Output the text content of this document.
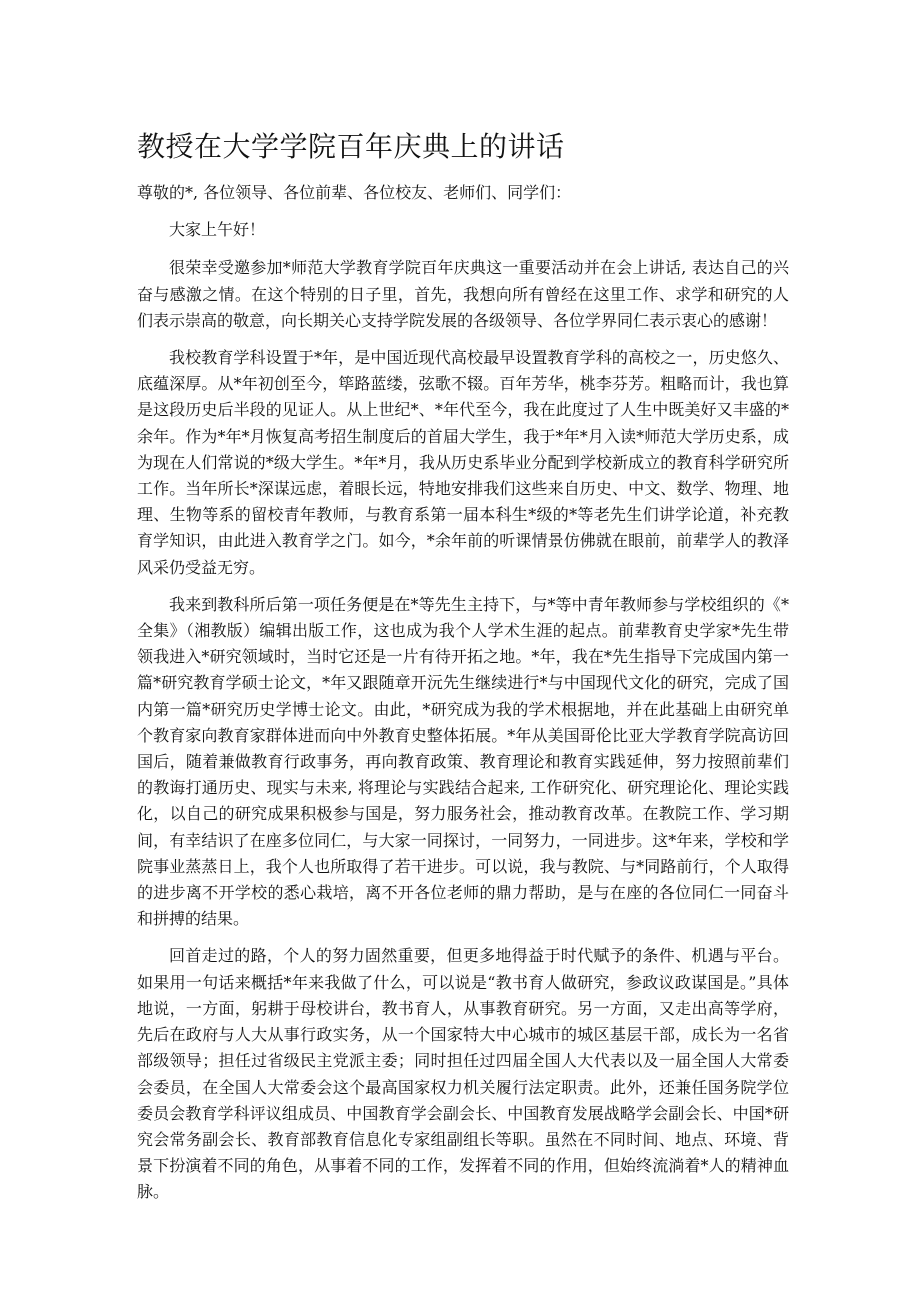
教授在大学学院百年庆典上的讲话

尊敬的*, 各位领导、各位前辈、各位校友、老师们、同学们：

大家上午好！

很荣幸受邀参加*师范大学教育学院百年庆典这一重要活动并在会上讲话, 表达自己的兴奋与感激之情。在这个特别的日子里，首先，我想向所有曾经在这里工作、求学和研究的人们表示崇高的敬意，向长期关心支持学院发展的各级领导、各位学界同仁表示衷心的感谢！

我校教育学科设置于*年，是中国近现代高校最早设置教育学科的高校之一，历史悠久、底蕴深厚。从*年初创至今，筚路蓝缕，弦歌不辍。百年芳华，桃李芬芳。粗略而计，我也算是这段历史后半段的见证人。从上世纪*、*年代至今，我在此度过了人生中既美好又丰盛的*余年。作为*年*月恢复高考招生制度后的首届大学生，我于*年*月入读*师范大学历史系，成为现在人们常说的*级大学生。*年*月，我从历史系毕业分配到学校新成立的教育科学研究所工作。当年所长*深谋远虑，着眼长远，特地安排我们这些来自历史、中文、数学、物理、地理、生物等系的留校青年教师，与教育系第一届本科生*级的*等老先生们讲学论道，补充教育学知识，由此进入教育学之门。如今，*余年前的听课情景仿佛就在眼前，前辈学人的教泽风采仍受益无穷。

我来到教科所后第一项任务便是在*等先生主持下，与*等中青年教师参与学校组织的《*全集》（湘教版）编辑出版工作，这也成为我个人学术生涯的起点。前辈教育史学家*先生带领我进入*研究领域时，当时它还是一片有待开拓之地。*年，我在*先生指导下完成国内第一篇*研究教育学硕士论文，*年又跟随章开沅先生继续进行*与中国现代文化的研究，完成了国内第一篇*研究历史学博士论文。由此，*研究成为我的学术根据地，并在此基础上由研究单个教育家向教育家群体进而向中外教育史整体拓展。*年从美国哥伦比亚大学教育学院高访回国后，随着兼做教育行政事务，再向教育政策、教育理论和教育实践延伸，努力按照前辈们的教诲打通历史、现实与未来, 将理论与实践结合起来, 工作研究化、研究理论化、理论实践化，以自己的研究成果积极参与国是，努力服务社会，推动教育改革。在教院工作、学习期间，有幸结识了在座多位同仁，与大家一同探讨，一同努力，一同进步。这*年来，学校和学院事业蒸蒸日上，我个人也所取得了若干进步。可以说，我与教院、与*同路前行，个人取得的进步离不开学校的悉心栽培，离不开各位老师的鼎力帮助，是与在座的各位同仁一同奋斗和拼搏的结果。

回首走过的路，个人的努力固然重要，但更多地得益于时代赋予的条件、机遇与平台。如果用一句话来概括*年来我做了什么，可以说是“教书育人做研究，参政议政谋国是。”具体地说，一方面，躬耕于母校讲台，教书育人，从事教育研究。另一方面，又走出高等学府，先后在政府与人大从事行政实务，从一个国家特大中心城市的城区基层干部，成长为一名省部级领导；担任过省级民主党派主委；同时担任过四届全国人大代表以及一届全国人大常委会委员，在全国人大常委会这个最高国家权力机关履行法定职责。此外，还兼任国务院学位委员会教育学科评议组成员、中国教育学会副会长、中国教育发展战略学会副会长、中国*研究会常务副会长、教育部教育信息化专家组副组长等职。虽然在不同时间、地点、环境、背景下扮演着不同的角色，从事着不同的工作，发挥着不同的作用，但始终流淌着*人的精神血脉。
